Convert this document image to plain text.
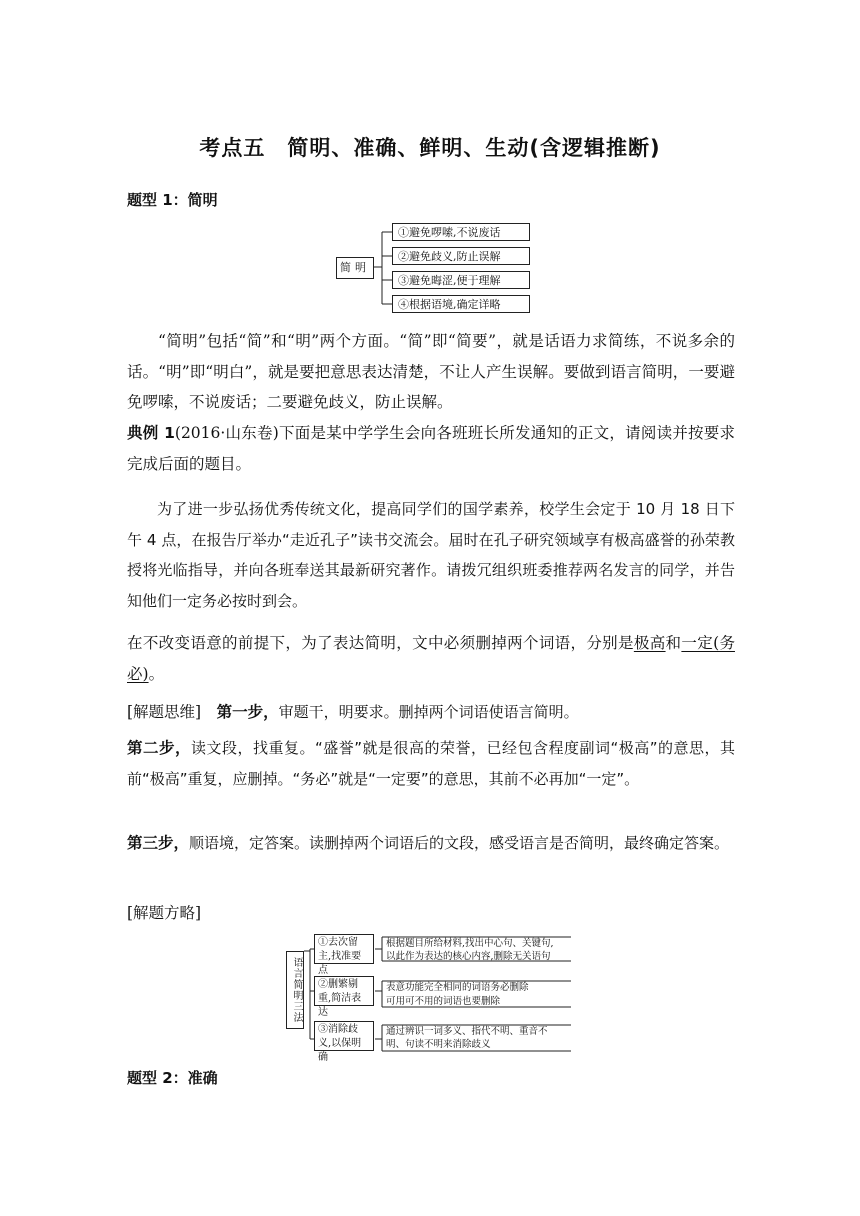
考点五　简明、准确、鲜明、生动(含逻辑推断)
题型 1：简明
简明
①避免啰嗦,不说废话
②避免歧义,防止误解
③避免晦涩,便于理解
④根据语境,确定详略

“简明”包括“简”和“明”两个方面。“简”即“简要”，就是话语力求简练，不说多余的话。“明”即“明白”，就是要把意思表达清楚，不让人产生误解。要做到语言简明，一要避免啰嗦，不说废话；二要避免歧义，防止误解。

典例 1(2016·山东卷)下面是某中学学生会向各班班长所发通知的正文，请阅读并按要求完成后面的题目。

为了进一步弘扬优秀传统文化，提高同学们的国学素养，校学生会定于 10 月 18 日下午 4 点，在报告厅举办“走近孔子”读书交流会。届时在孔子研究领域享有极高盛誉的孙荣教授将光临指导，并向各班奉送其最新研究著作。请拨冗组织班委推荐两名发言的同学，并告知他们一定务必按时到会。

在不改变语意的前提下，为了表达简明，文中必须删掉两个词语，分别是极高和一定(务必)。

[解题思维]　 第一步，审题干，明要求。删掉两个词语使语言简明。

第二步，读文段，找重复。“盛誉”就是很高的荣誉，已经包含程度副词“极高”的意思，其前“极高”重复，应删掉。“务必”就是“一定要”的意思，其前不必再加“一定”。

第三步，顺语境，定答案。读删掉两个词语后的文段，感受语言是否简明，最终确定答案。

[解题方略]
语言简明三法
①去次留主,找准要点
根据题目所给材料,找出中心句、关键句,
以此作为表达的核心内容,删除无关语句
②删繁剔重,简洁表达
表意功能完全相同的词语务必删除
可用可不用的词语也要删除
③消除歧义,以保明确
通过辨识一词多义、指代不明、重音不
明、句读不明来消除歧义
题型 2：准确
